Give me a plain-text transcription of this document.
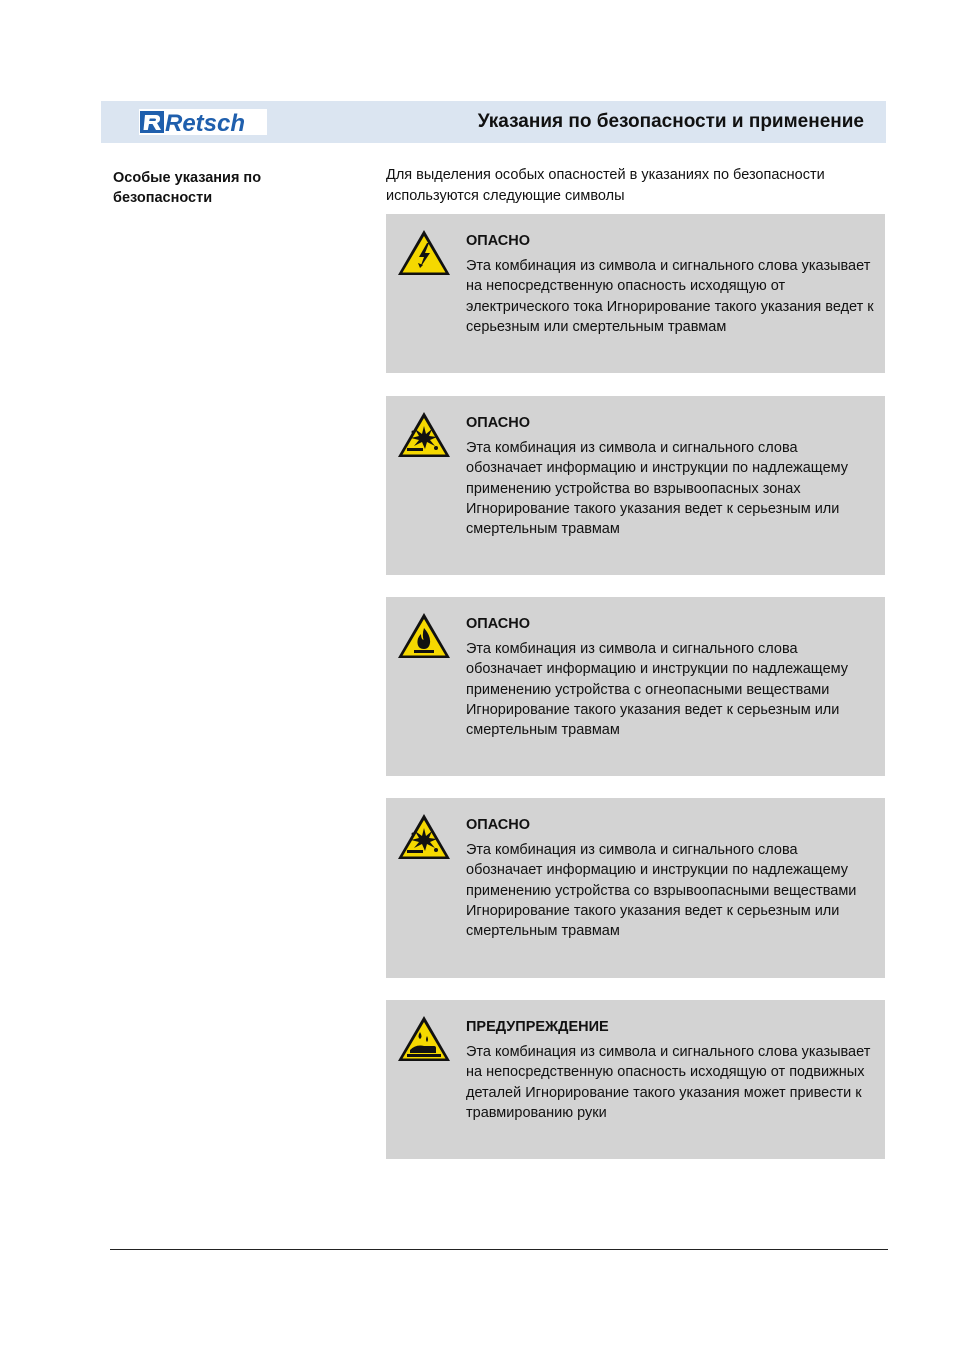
Retsch	Указания по безопасности и применение
Особые указания по безопасности
Для выделения особых опасностей в указаниях по безопасности используются следующие символы
ОПАСНО
Эта комбинация из символа и сигнального слова указывает на непосредственную опасность исходящую от электрического тока Игнорирование такого указания ведет к серьезным или смертельным травмам
ОПАСНО
Эта комбинация из символа и сигнального слова обозначает информацию и инструкции по надлежащему применению устройства во взрывоопасных зонах Игнорирование такого указания ведет к серьезным или смертельным травмам
ОПАСНО
Эта комбинация из символа и сигнального слова обозначает информацию и инструкции по надлежащему применению устройства с огнеопасными веществами Игнорирование такого указания ведет к серьезным или смертельным травмам
ОПАСНО
Эта комбинация из символа и сигнального слова обозначает информацию и инструкции по надлежащему применению устройства со взрывоопасными веществами Игнорирование такого указания ведет к серьезным или смертельным травмам
ПРЕДУПРЕЖДЕНИЕ
Эта комбинация из символа и сигнального слова указывает на непосредственную опасность исходящую от подвижных деталей Игнорирование такого указания может привести к травмированию руки
